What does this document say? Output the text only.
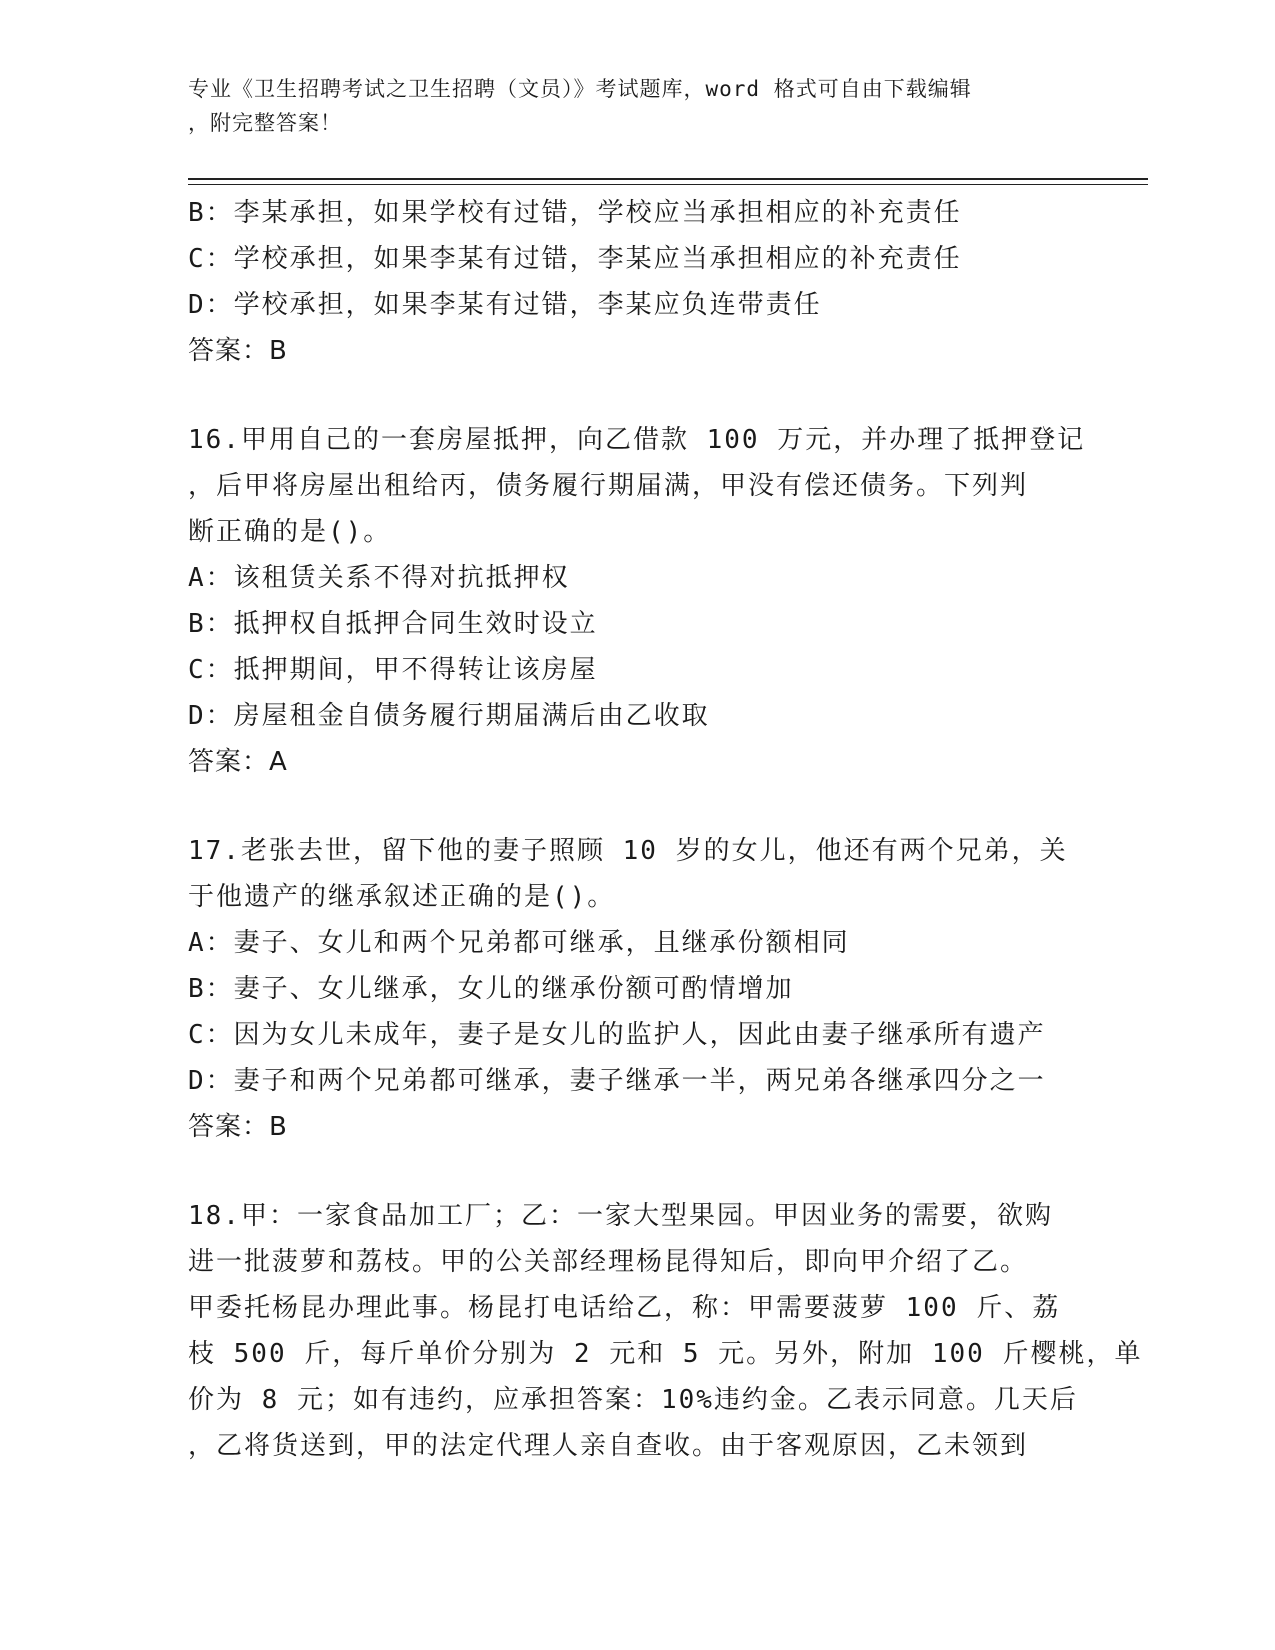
专业《卫生招聘考试之卫生招聘（文员）》考试题库，word 格式可自由下载编辑
，附完整答案！
B：李某承担，如果学校有过错，学校应当承担相应的补充责任
C：学校承担，如果李某有过错，李某应当承担相应的补充责任
D：学校承担，如果李某有过错，李某应负连带责任
答案：B
16.甲用自己的一套房屋抵押，向乙借款 100 万元，并办理了抵押登记
，后甲将房屋出租给丙，债务履行期届满，甲没有偿还债务。下列判
断正确的是()。
A：该租赁关系不得对抗抵押权
B：抵押权自抵押合同生效时设立
C：抵押期间，甲不得转让该房屋
D：房屋租金自债务履行期届满后由乙收取
答案：A
17.老张去世，留下他的妻子照顾 10 岁的女儿，他还有两个兄弟，关
于他遗产的继承叙述正确的是()。
A：妻子、女儿和两个兄弟都可继承，且继承份额相同
B：妻子、女儿继承，女儿的继承份额可酌情增加
C：因为女儿未成年，妻子是女儿的监护人，因此由妻子继承所有遗产
D：妻子和两个兄弟都可继承，妻子继承一半，两兄弟各继承四分之一
答案：B
18.甲：一家食品加工厂；乙：一家大型果园。甲因业务的需要，欲购
进一批菠萝和荔枝。甲的公关部经理杨昆得知后，即向甲介绍了乙。
甲委托杨昆办理此事。杨昆打电话给乙，称：甲需要菠萝 100 斤、荔
枝 500 斤，每斤单价分别为 2 元和 5 元。另外，附加 100 斤樱桃，单
价为 8 元；如有违约，应承担答案：10%违约金。乙表示同意。几天后
，乙将货送到，甲的法定代理人亲自查收。由于客观原因，乙未领到
